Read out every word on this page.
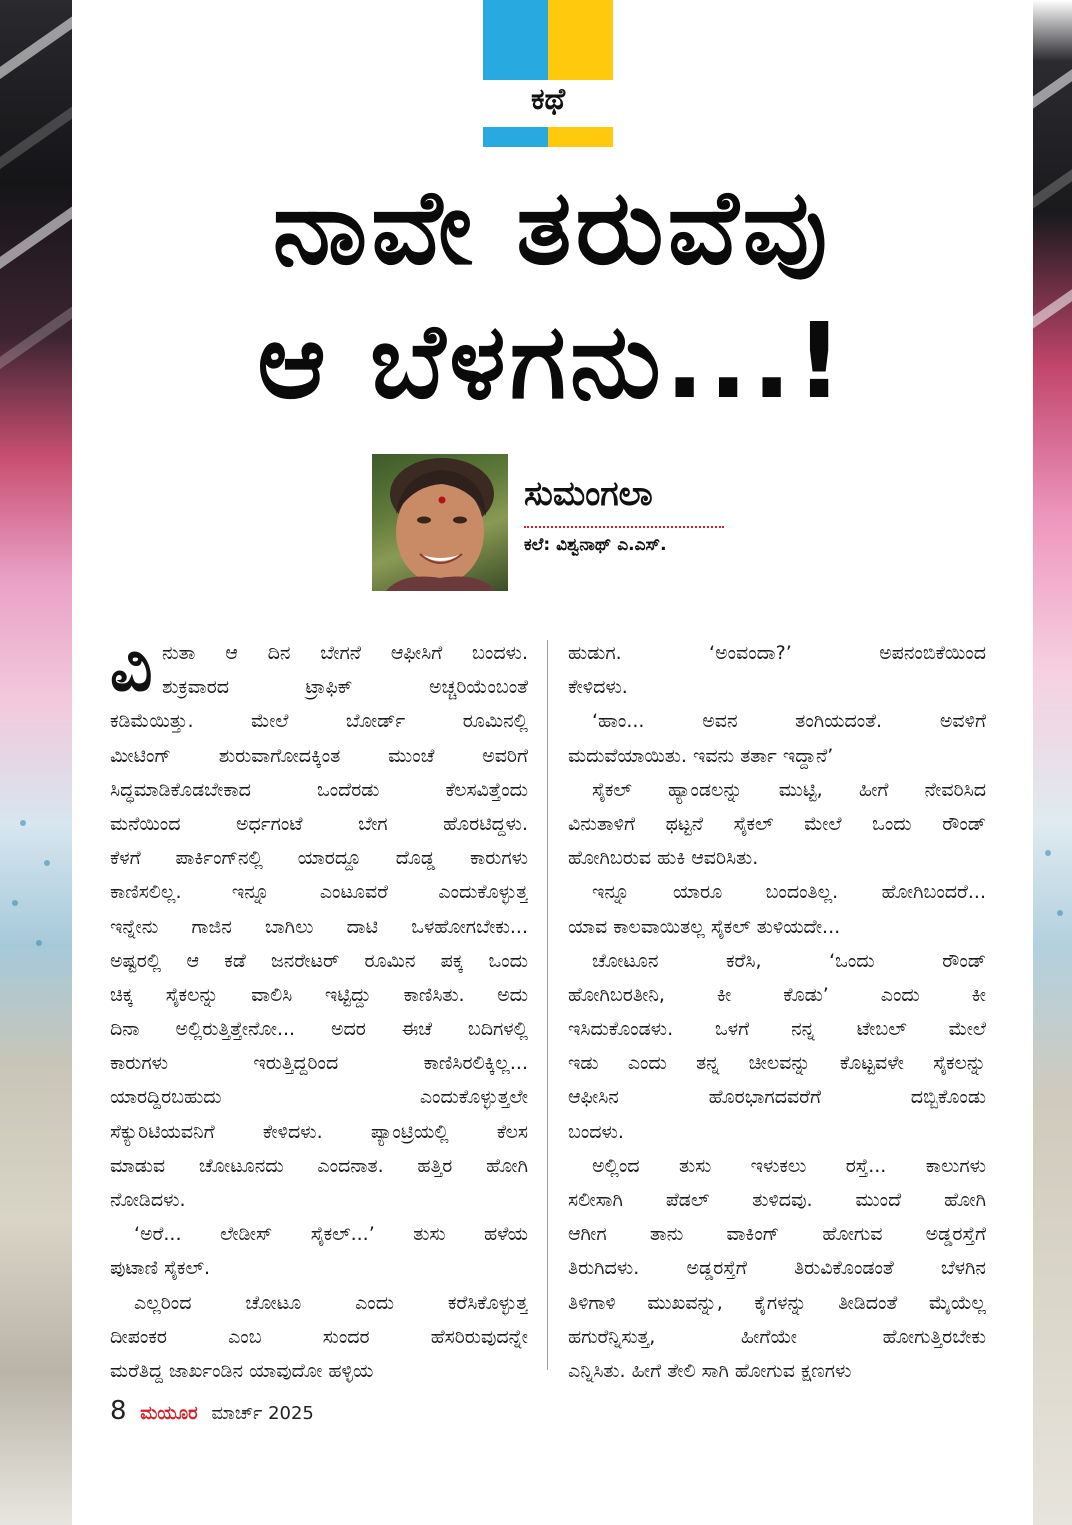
ಕಥೆ
ನಾವೇ ತರುವೆವು
ಆ ಬೆಳಗನು...!
ಸುಮಂಗಲಾ
ಕಲೆ: ವಿಶ್ವನಾಥ್ ಎ.ಎಸ್.
ನುತಾ ಆ ದಿನ ಬೇಗನೆ ಆಫೀಸಿಗೆ ಬಂದಳು.
ಶುಕ್ರವಾರದ ಟ್ರಾಫಿಕ್ ಅಚ್ಚರಿಯೆಂಬಂತೆ
ಕಡಿಮೆಯಿತ್ತು. ಮೇಲೆ ಬೋರ್ಡ್ ರೂಮಿನಲ್ಲಿ
ಮೀಟಿಂಗ್ ಶುರುವಾಗೋದಕ್ಕಿಂತ ಮುಂಚೆ ಅವರಿಗೆ
ಸಿದ್ಧಮಾಡಿಕೊಡಬೇಕಾದ ಒಂದೆರಡು ಕೆಲಸವಿತ್ತೆಂದು
ಮನೆಯಿಂದ ಅರ್ಧಗಂಟೆ ಬೇಗ ಹೊರಟಿದ್ದಳು.
ಕೆಳಗೆ ಪಾರ್ಕಿಂಗ್‌ನಲ್ಲಿ ಯಾರದ್ದೂ ದೊಡ್ಡ ಕಾರುಗಳು
ಕಾಣಿಸಲಿಲ್ಲ. ಇನ್ನೂ ಎಂಟೂವರೆ ಎಂದುಕೊಳ್ಳುತ್ತ
ಇನ್ನೇನು ಗಾಜಿನ ಬಾಗಿಲು ದಾಟಿ ಒಳಹೋಗಬೇಕು...
ಅಷ್ಟರಲ್ಲಿ ಆ ಕಡೆ ಜನರೇಟರ್ ರೂಮಿನ ಪಕ್ಕ ಒಂದು
ಚಿಕ್ಕ ಸೈಕಲನ್ನು ವಾಲಿಸಿ ಇಟ್ಟಿದ್ದು ಕಾಣಿಸಿತು. ಅದು
ದಿನಾ ಅಲ್ಲಿರುತ್ತಿತ್ತೇನೋ... ಅದರ ಈಚೆ ಬದಿಗಳಲ್ಲಿ
ಕಾರುಗಳು ಇರುತ್ತಿದ್ದರಿಂದ ಕಾಣಿಸಿರಲಿಕ್ಕಿಲ್ಲ...
ಯಾರದ್ದಿರಬಹುದು ಎಂದುಕೊಳ್ಳುತ್ತಲೇ
ಸೆಕ್ಯುರಿಟಿಯವನಿಗೆ ಕೇಳಿದಳು. ಪ್ಯಾಂಟ್ರಿಯಲ್ಲಿ ಕೆಲಸ
ಮಾಡುವ ಚೋಟೂನದು ಎಂದನಾತ. ಹತ್ತಿರ ಹೋಗಿ
ನೋಡಿದಳು.
‘ಅರೆ... ಲೇಡೀಸ್ ಸೈಕಲ್...’ ತುಸು ಹಳೆಯ
ಪುಟಾಣಿ ಸೈಕಲ್.
ಎಲ್ಲರಿಂದ ಚೋಟೂ ಎಂದು ಕರೆಸಿಕೊಳ್ಳುತ್ತ
ದೀಪಂಕರ ಎಂಬ ಸುಂದರ ಹೆಸರಿರುವುದನ್ನೇ
ಮರೆತಿದ್ದ ಜಾರ್ಖಂಡಿನ ಯಾವುದೋ ಹಳ್ಳಿಯ
ವಿ	ಹುಡುಗ. ‘ಅಂವಂದಾ?’ ಅಪನಂಬಿಕೆಯಿಂದ
ಕೇಳಿದಳು.
‘ಹಾಂ... ಅವನ ತಂಗಿಯದಂತೆ. ಅವಳಿಗೆ
ಮದುವೆಯಾಯಿತು. ಇವನು ತರ್ತಾ ಇದ್ದಾನೆ’
ಸೈಕಲ್ ಹ್ಯಾಂಡಲನ್ನು ಮುಟ್ಟಿ, ಹೀಗೆ ನೇವರಿಸಿದ
ವಿನುತಾಳಿಗೆ ಥಟ್ಟನೆ ಸೈಕಲ್ ಮೇಲೆ ಒಂದು ರೌಂಡ್
ಹೋಗಿಬರುವ ಹುಕಿ ಆವರಿಸಿತು.
ಇನ್ನೂ ಯಾರೂ ಬಂದಂತಿಲ್ಲ. ಹೋಗಿಬಂದರೆ...
ಯಾವ ಕಾಲವಾಯಿತಲ್ಲ ಸೈಕಲ್ ತುಳಿಯದೇ...
ಚೋಟೂನ ಕರೆಸಿ, ‘ಒಂದು ರೌಂಡ್
ಹೋಗಿಬರತೀನಿ, ಕೀ ಕೊಡು’ ಎಂದು ಕೀ
ಇಸಿದುಕೊಂಡಳು. ಒಳಗೆ ನನ್ನ ಟೇಬಲ್ ಮೇಲೆ
ಇಡು ಎಂದು ತನ್ನ ಚೀಲವನ್ನು ಕೊಟ್ಟವಳೇ ಸೈಕಲನ್ನು
ಆಫೀಸಿನ ಹೊರಭಾಗದವರೆಗೆ ದಬ್ಬಿಕೊಂಡು
ಬಂದಳು.
ಅಲ್ಲಿಂದ ತುಸು ಇಳುಕಲು ರಸ್ತೆ... ಕಾಲುಗಳು
ಸಲೀಸಾಗಿ ಪೆಡಲ್ ತುಳಿದವು. ಮುಂದೆ ಹೋಗಿ
ಆಗೀಗ ತಾನು ವಾಕಿಂಗ್ ಹೋಗುವ ಅಡ್ಡರಸ್ತೆಗೆ
ತಿರುಗಿದಳು. ಅಡ್ಡರಸ್ತೆಗೆ ತಿರುವಿಕೊಂಡಂತೆ ಬೆಳಗಿನ
ತಿಳಿಗಾಳಿ ಮುಖವನ್ನು, ಕೈಗಳನ್ನು ತೀಡಿದಂತೆ ಮೈಯೆಲ್ಲ
ಹಗುರೆನ್ನಿಸುತ್ತ, ಹೀಗೆಯೇ ಹೋಗುತ್ತಿರಬೇಕು
ಎನ್ನಿಸಿತು. ಹೀಗೆ ತೇಲಿ ಸಾಗಿ ಹೋಗುವ ಕ್ಷಣಗಳು
8 ಮಯೂರ ಮಾರ್ಚ್ 2025
